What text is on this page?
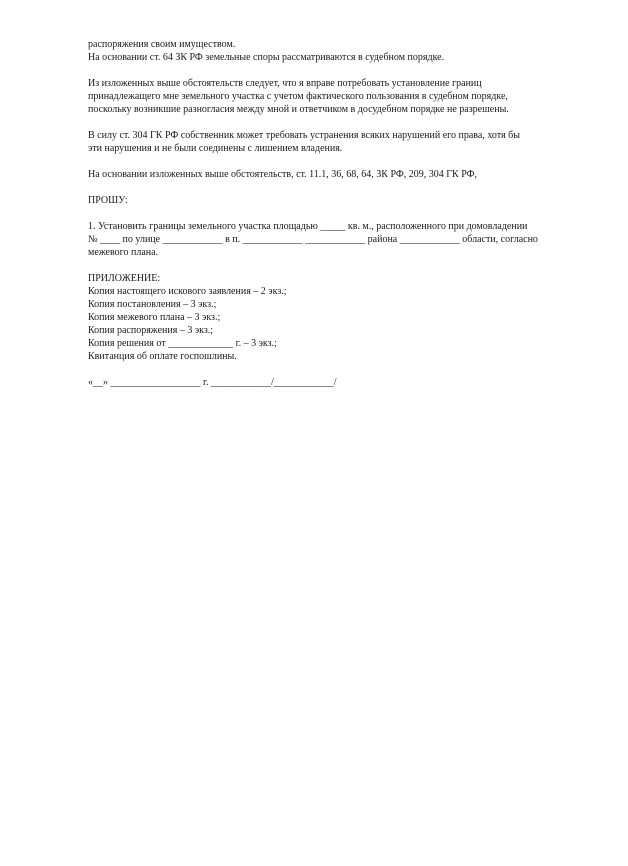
распоряжения своим имуществом.
На основании ст. 64 ЗК РФ земельные споры рассматриваются в судебном порядке.
Из изложенных выше обстоятельств следует, что я вправе потребовать установление границ
принадлежащего мне земельного участка с учетом фактического пользования в судебном порядке,
поскольку возникшие разногласия между мной и ответчиком в досудебном порядке не разрешены.
В силу ст. 304 ГК РФ собственник может требовать устранения всяких нарушений его права, хотя бы
эти нарушения и не были соединены с лишением владения.
На основании изложенных выше обстоятельств, ст. 11.1, 36, 68, 64, ЗК РФ, 209, 304 ГК РФ,
ПРОШУ:
1. Установить границы земельного участка площадью _____ кв. м., расположенного при домовладении
№ ____ по улице ____________ в п. ____________ ____________ района ____________ области, согласно
межевого плана.
ПРИЛОЖЕНИЕ:
Копия настоящего искового заявления – 2 экз.;
Копия постановления – 3 экз.;
Копия межевого плана – 3 экз.;
Копия распоряжения – 3 экз.;
Копия решения от _____________ г. – 3 экз.;
Квитанция об оплате госпошлины.
«__» __________________ г. ____________/____________/
